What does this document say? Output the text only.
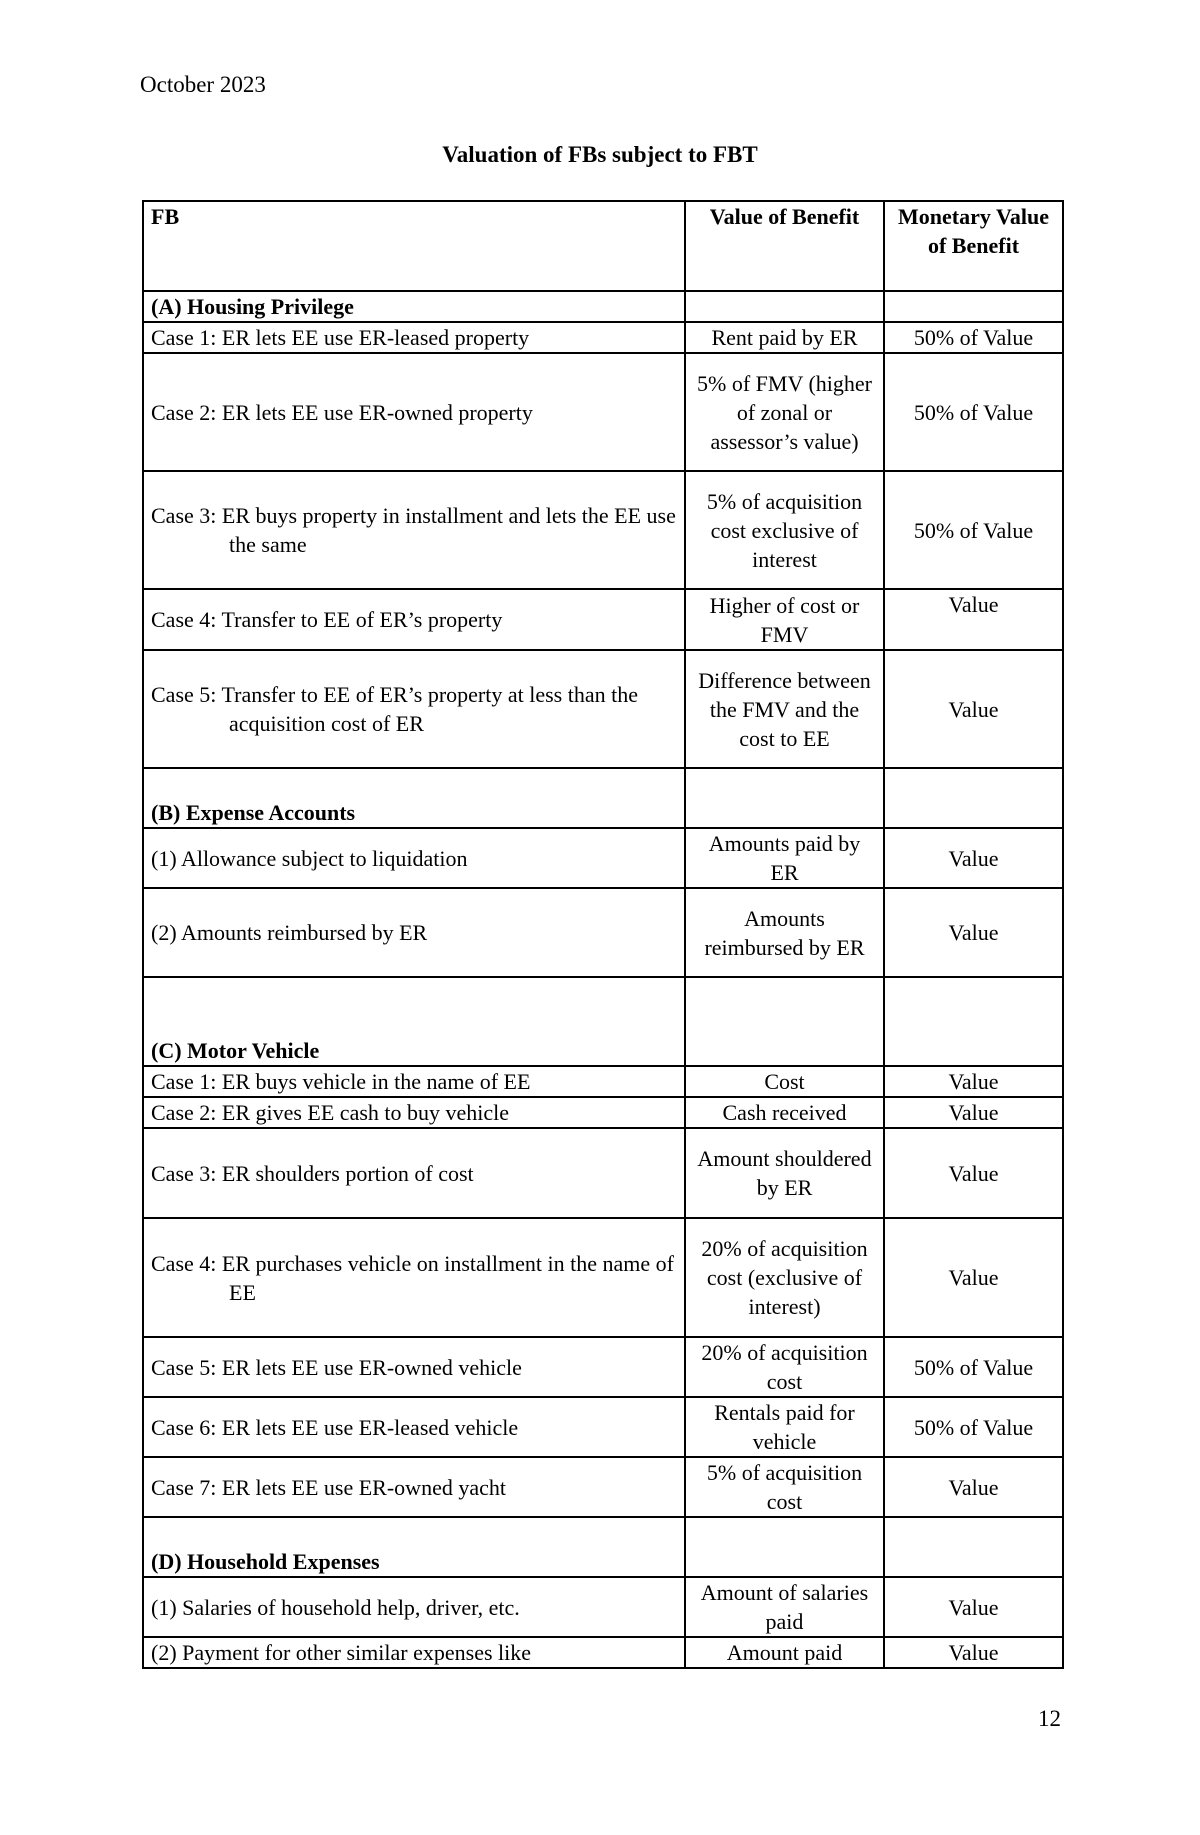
October 2023
Valuation of FBs subject to FBT
FB	Value of Benefit	Monetary Value of Benefit
(A) Housing Privilege		
Case 1: ER lets EE use ER-leased property	Rent paid by ER	50% of Value
Case 2: ER lets EE use ER-owned property	5% of FMV (higher of zonal or assessor’s value)	50% of Value

Case 3: ER buys property in installment and lets the EE use the same	5% of acquisition cost exclusive of interest	50% of Value
Case 4: Transfer to EE of ER’s property	Higher of cost or FMV	Value

Case 5: Transfer to EE of ER’s property at less than the acquisition cost of ER	Difference between the FMV and the cost to EE	Value
(B) Expense Accounts		
(1) Allowance subject to liquidation	Amounts paid by ER	Value
(2) Amounts reimbursed by ER	Amounts reimbursed by ER	Value
(C) Motor Vehicle		
Case 1: ER buys vehicle in the name of EE	Cost	Value
Case 2: ER gives EE cash to buy vehicle	Cash received	Value
Case 3: ER shoulders portion of cost	Amount shouldered by ER	Value

Case 4: ER purchases vehicle on installment in the name of EE	20% of acquisition cost (exclusive of interest)	Value
Case 5: ER lets EE use ER-owned vehicle	20% of acquisition cost	50% of Value
Case 6: ER lets EE use ER-leased vehicle	Rentals paid for vehicle	50% of Value
Case 7: ER lets EE use ER-owned yacht	5% of acquisition cost	Value
(D) Household Expenses		
(1) Salaries of household help, driver, etc.	Amount of salaries paid	Value
(2) Payment for other similar expenses like	Amount paid	Value
12
